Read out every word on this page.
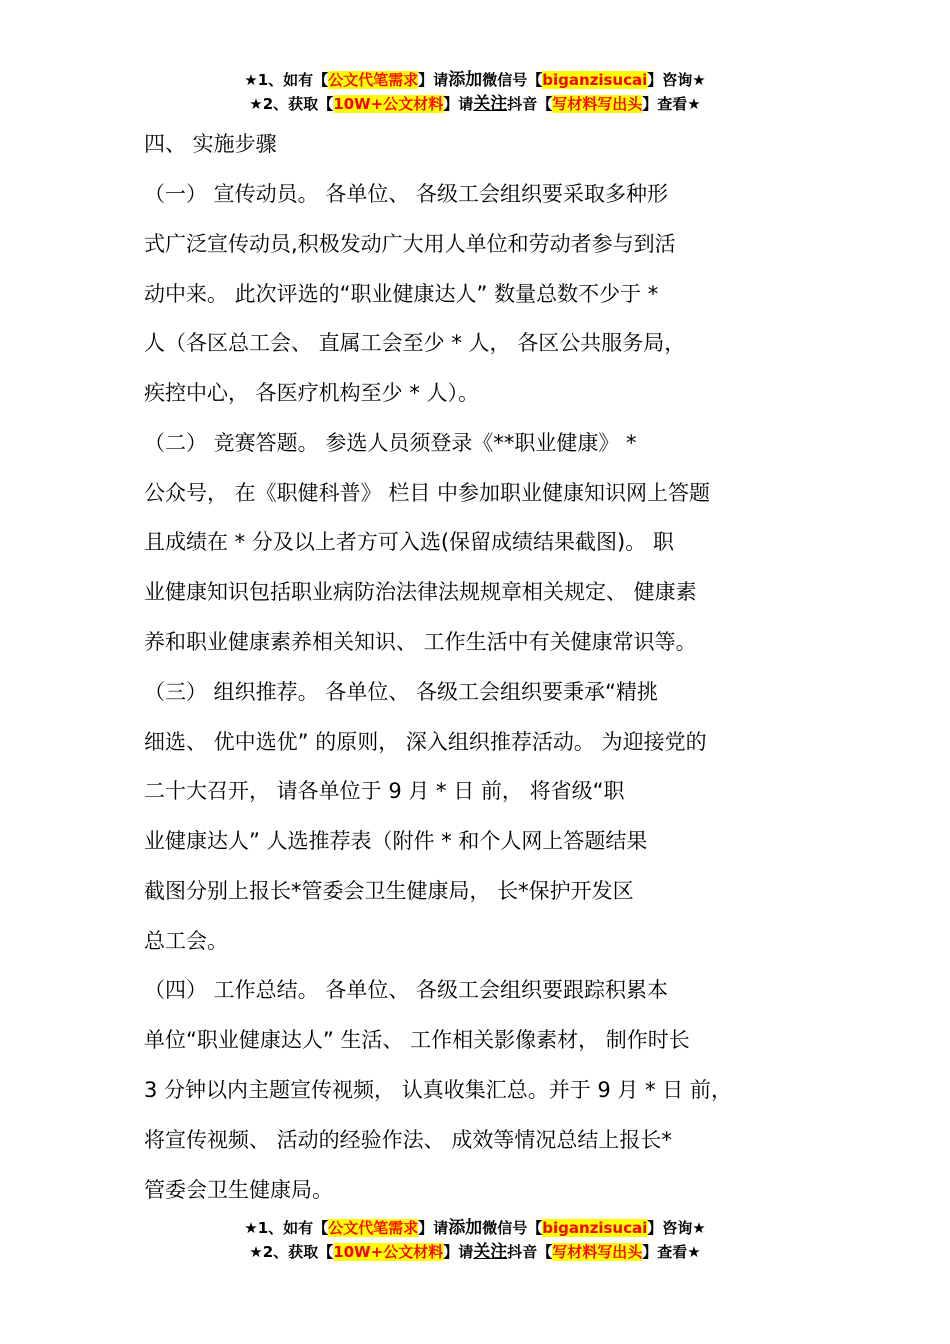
★1、如有【公文代笔需求】请添加微信号【biganzisucai】咨询★
★2、获取【10W+公文材料】请关注抖音【写材料写出头】查看★
四、 实施步骤
（一） 宣传动员。 各单位、 各级工会组织要采取多种形
式广泛宣传动员,积极发动广大用人单位和劳动者参与到活
动中来。 此次评选的“职业健康达人” 数量总数不少于 *
人（各区总工会、 直属工会至少 * 人， 各区公共服务局，
疾控中心， 各医疗机构至少 * 人）。
（二） 竞赛答题。 参选人员须登录《**职业健康》 *
公众号， 在《职健科普》 栏目 中参加职业健康知识网上答题
且成绩在 * 分及以上者方可入选(保留成绩结果截图)。 职
业健康知识包括职业病防治法律法规规章相关规定、 健康素
养和职业健康素养相关知识、 工作生活中有关健康常识等。
（三） 组织推荐。 各单位、 各级工会组织要秉承“精挑
细选、 优中选优” 的原则， 深入组织推荐活动。 为迎接党的
二十大召开， 请各单位于 9 月 * 日 前， 将省级“职
业健康达人” 人选推荐表（附件 * 和个人网上答题结果
截图分别上报长*管委会卫生健康局， 长*保护开发区
总工会。
（四） 工作总结。 各单位、 各级工会组织要跟踪积累本
单位“职业健康达人” 生活、 工作相关影像素材， 制作时长
3 分钟以内主题宣传视频， 认真收集汇总。并于 9 月 * 日 前，
将宣传视频、 活动的经验作法、 成效等情况总结上报长*
管委会卫生健康局。
★1、如有【公文代笔需求】请添加微信号【biganzisucai】咨询★
★2、获取【10W+公文材料】请关注抖音【写材料写出头】查看★
